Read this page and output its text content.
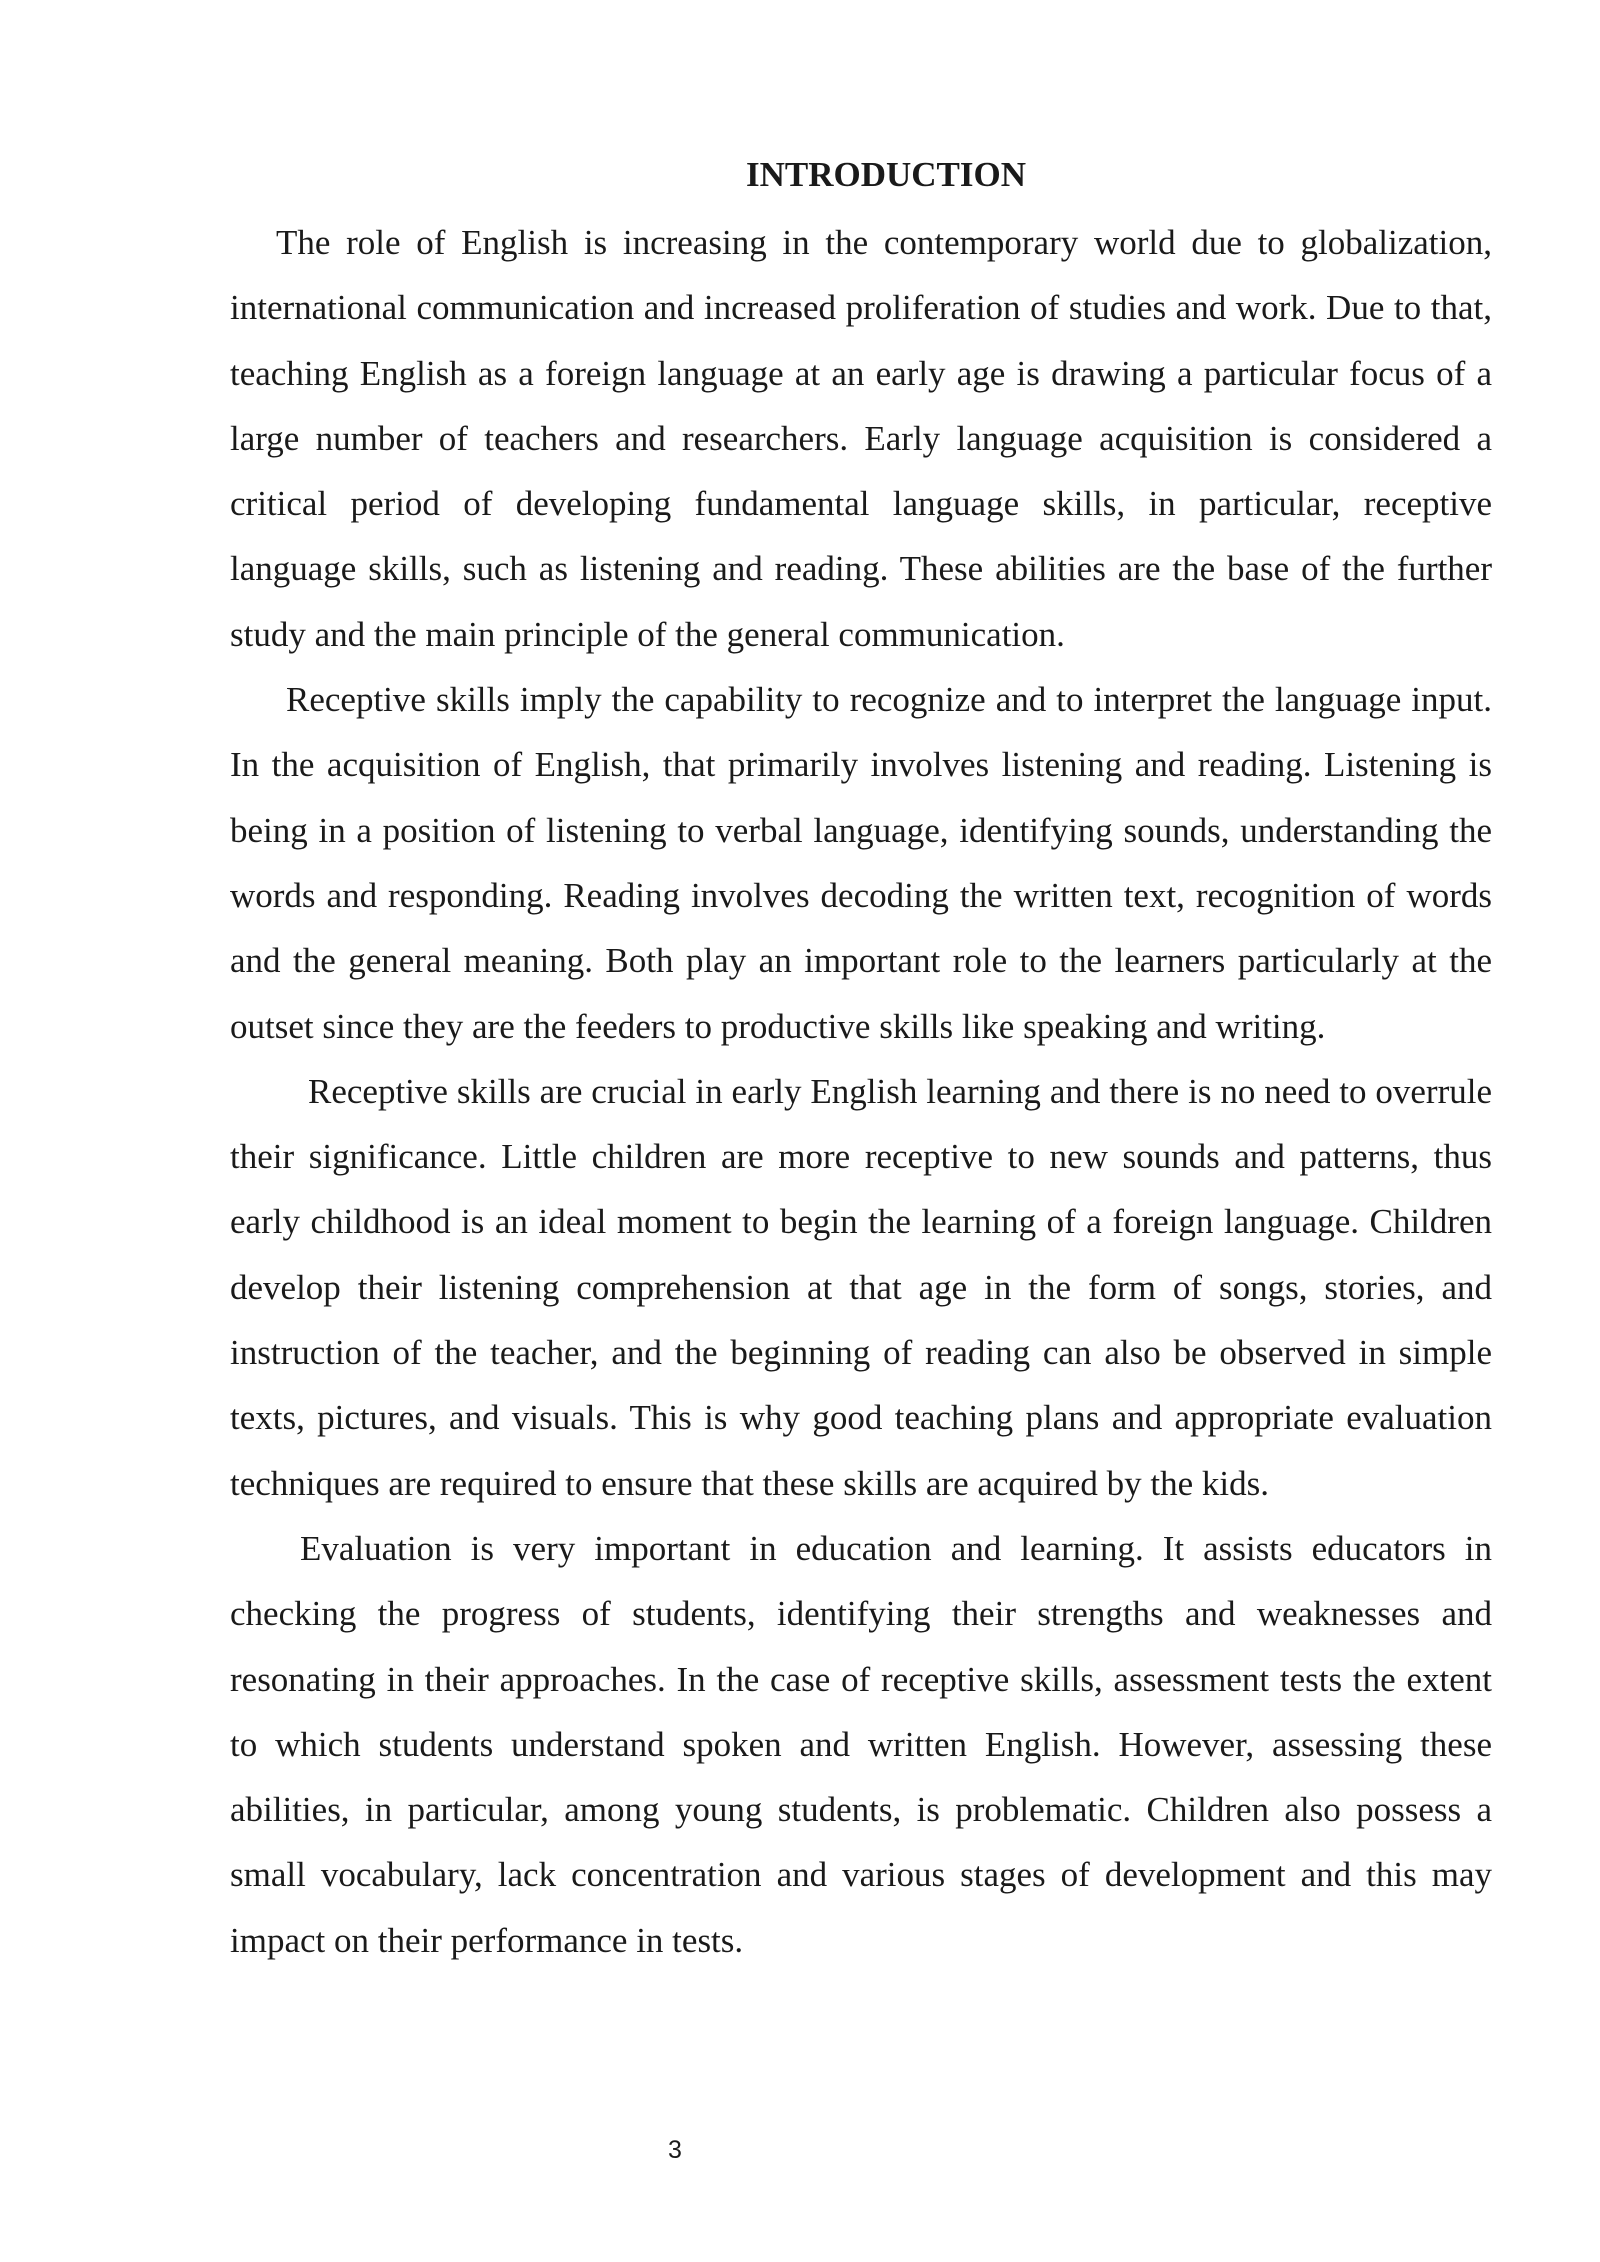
INTRODUCTION

The role of English is increasing in the contemporary world due to globalization, international communication and increased proliferation of studies and work. Due to that, teaching English as a foreign language at an early age is drawing a particular focus of a large number of teachers and researchers. Early language acquisition is considered a critical period of developing fundamental language skills, in particular, receptive language skills, such as listening and reading. These abilities are the base of the further study and the main principle of the general communication.

Receptive skills imply the capability to recognize and to interpret the language input. In the acquisition of English, that primarily involves listening and reading. Listening is being in a position of listening to verbal language, identifying sounds, understanding the words and responding. Reading involves decoding the written text, recognition of words and the general meaning. Both play an important role to the learners particularly at the outset since they are the feeders to productive skills like speaking and writing.

Receptive skills are crucial in early English learning and there is no need to overrule their significance. Little children are more receptive to new sounds and patterns, thus early childhood is an ideal moment to begin the learning of a foreign language. Children develop their listening comprehension at that age in the form of songs, stories, and instruction of the teacher, and the beginning of reading can also be observed in simple texts, pictures, and visuals. This is why good teaching plans and appropriate evaluation techniques are required to ensure that these skills are acquired by the kids.

Evaluation is very important in education and learning. It assists educators in checking the progress of students, identifying their strengths and weaknesses and resonating in their approaches. In the case of receptive skills, assessment tests the extent to which students understand spoken and written English. However, assessing these abilities, in particular, among young students, is problematic. Children also possess a small vocabulary, lack concentration and various stages of development and this may impact on their performance in tests.

3
